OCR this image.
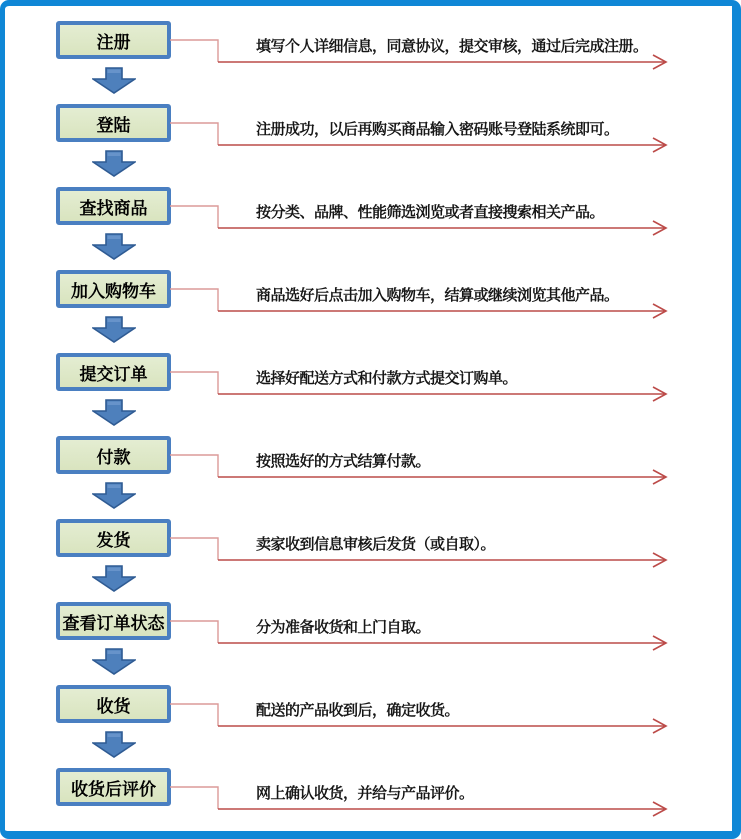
注册	填写个人详细信息，同意协议，提交审核，通过后完成注册。
登陆	注册成功，以后再购买商品输入密码账号登陆系统即可。
查找商品	按分类、品牌、性能筛选浏览或者直接搜索相关产品。
加入购物车	商品选好后点击加入购物车，结算或继续浏览其他产品。
提交订单	选择好配送方式和付款方式提交订购单。
付款	按照选好的方式结算付款。
发货	卖家收到信息审核后发货（或自取）。
查看订单状态	分为准备收货和上门自取。
收货	配送的产品收到后，确定收货。
收货后评价	网上确认收货，并给与产品评价。
